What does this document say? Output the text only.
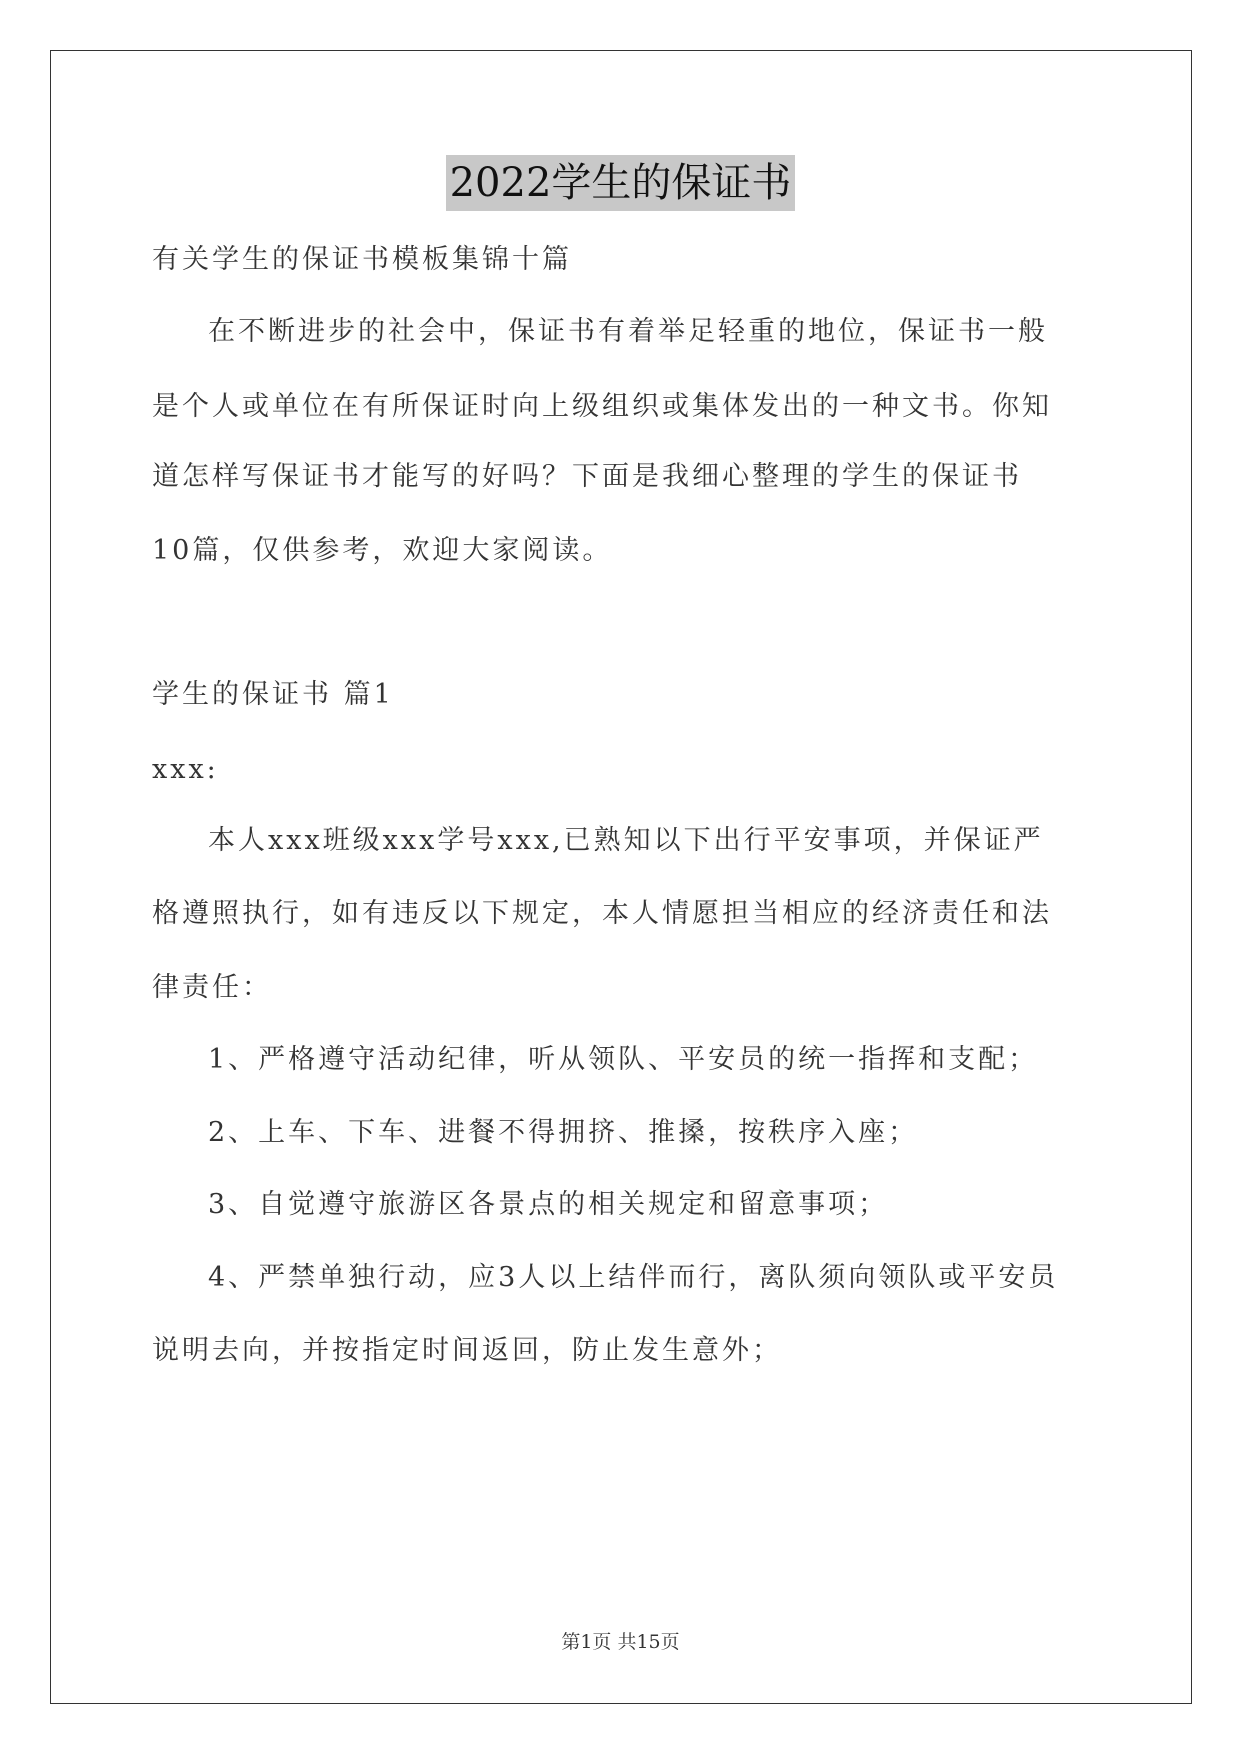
2022学生的保证书
有关学生的保证书模板集锦十篇
在不断进步的社会中，保证书有着举足轻重的地位，保证书一般
是个人或单位在有所保证时向上级组织或集体发出的一种文书。你知
道怎样写保证书才能写的好吗？下面是我细心整理的学生的保证书
10篇，仅供参考，欢迎大家阅读。
学生的保证书 篇1
xxx:
本人xxx班级xxx学号xxx,已熟知以下出行平安事项，并保证严
格遵照执行，如有违反以下规定，本人情愿担当相应的经济责任和法
律责任：
1、严格遵守活动纪律，听从领队、平安员的统一指挥和支配；
2、上车、下车、进餐不得拥挤、推搡，按秩序入座；
3、自觉遵守旅游区各景点的相关规定和留意事项；
4、严禁单独行动，应3人以上结伴而行，离队须向领队或平安员
说明去向，并按指定时间返回，防止发生意外；
第1页 共15页
